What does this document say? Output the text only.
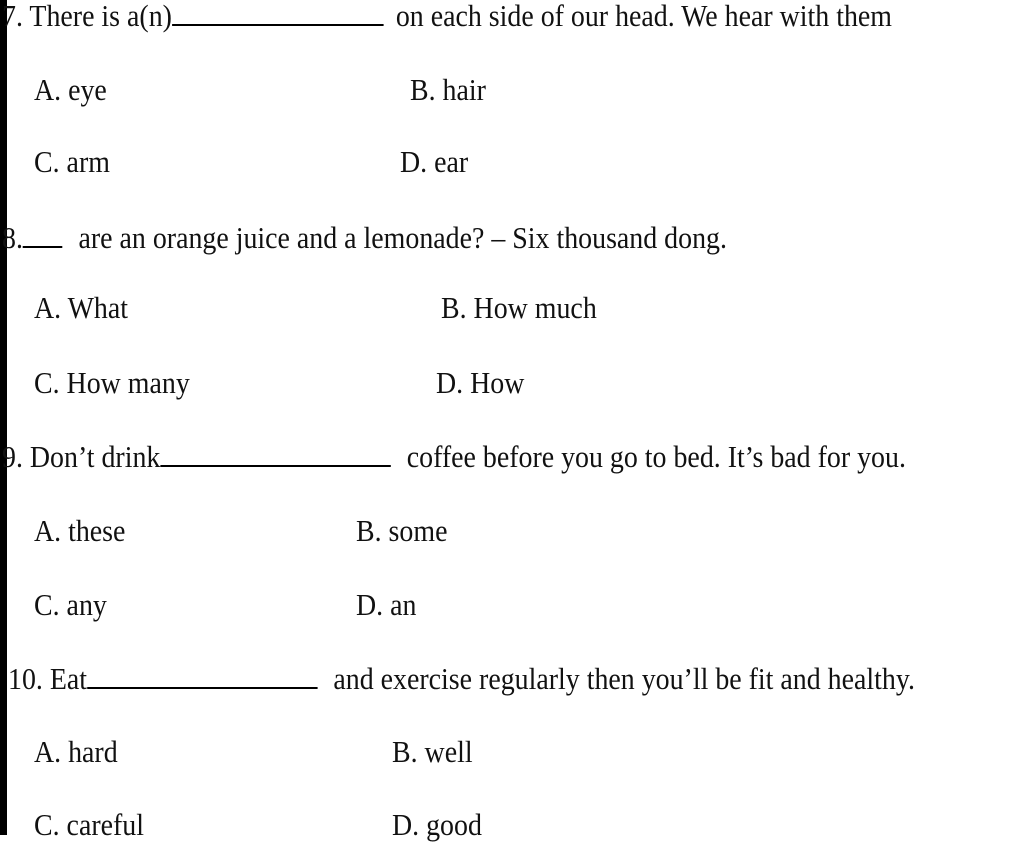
7. There is a(n)	on each side of our head. We hear with them
A. eye	B. hair
C. arm	D. ear
8. are an orange juice and a lemonade? – Six thousand dong.
A. What	B. How much
C. How many	D. How
9. Don’t drink	coffee before you go to bed. It’s bad for you.
A. these	B. some
C. any	D. an
10. Eat	and exercise regularly then you’ll be fit and healthy.
A. hard	B. well
C. careful	D. good
